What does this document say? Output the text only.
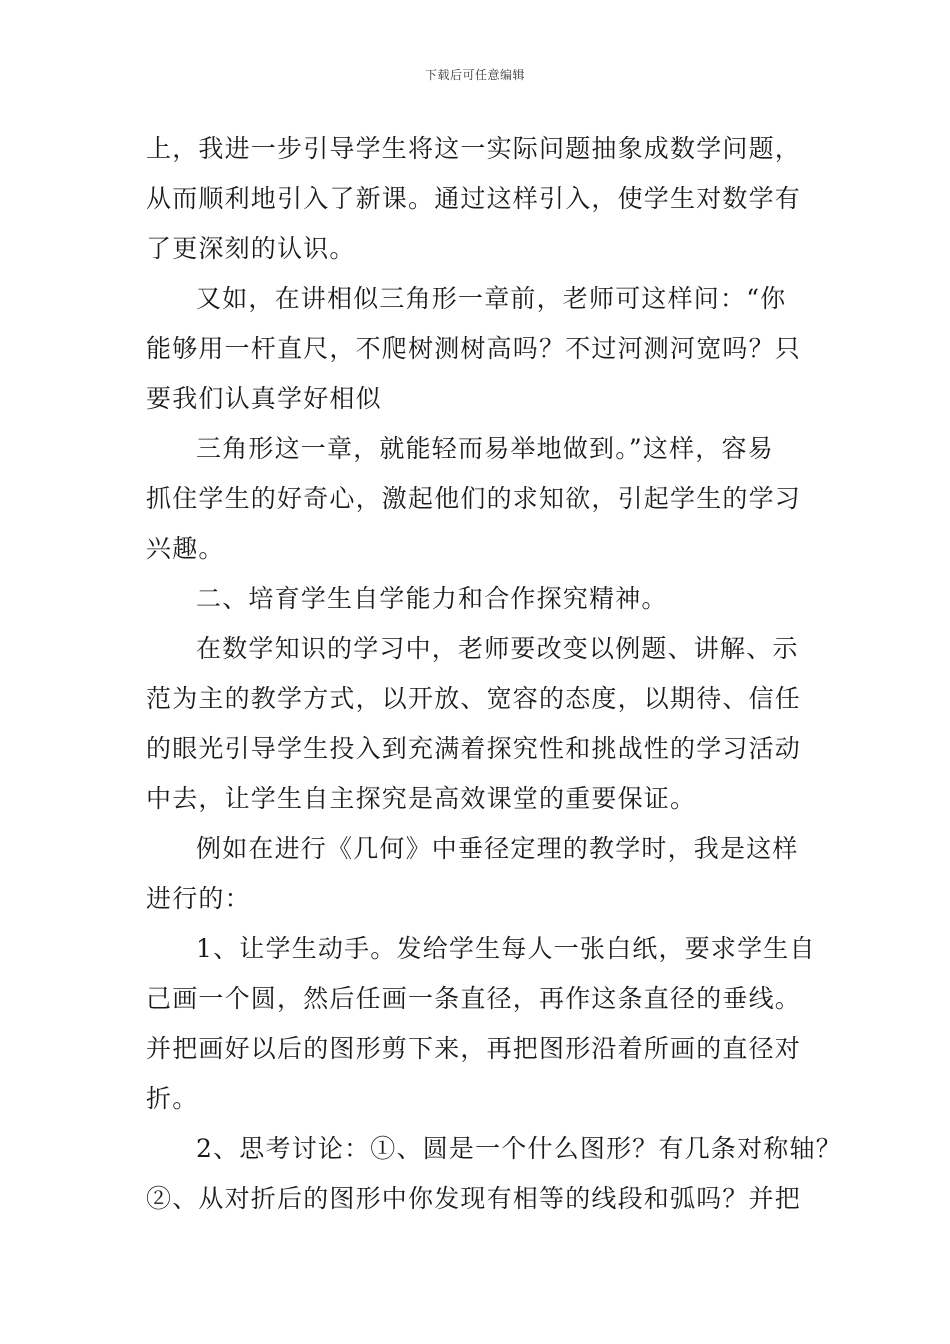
下载后可任意编辑
上，我进一步引导学生将这一实际问题抽象成数学问题，
从而顺利地引入了新课。通过这样引入，使学生对数学有
了更深刻的认识。
又如，在讲相似三角形一章前，老师可这样问：“你
能够用一杆直尺，不爬树测树高吗？不过河测河宽吗？只
要我们认真学好相似
三角形这一章，就能轻而易举地做到。”这样，容易
抓住学生的好奇心，激起他们的求知欲，引起学生的学习
兴趣。
二、培育学生自学能力和合作探究精神。
在数学知识的学习中，老师要改变以例题、讲解、示
范为主的教学方式，以开放、宽容的态度，以期待、信任
的眼光引导学生投入到充满着探究性和挑战性的学习活动
中去，让学生自主探究是高效课堂的重要保证。
例如在进行《几何》中垂径定理的教学时，我是这样
进行的：
1、让学生动手。发给学生每人一张白纸，要求学生自
己画一个圆，然后任画一条直径，再作这条直径的垂线。
并把画好以后的图形剪下来，再把图形沿着所画的直径对
折。
2、思考讨论：①、圆是一个什么图形？有几条对称轴？
②、从对折后的图形中你发现有相等的线段和弧吗？并把
